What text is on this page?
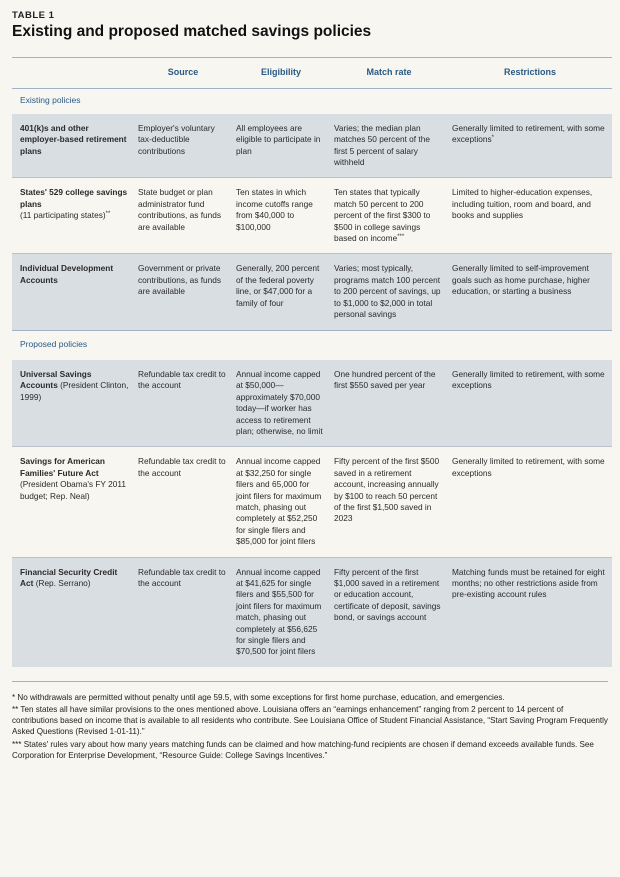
TABLE 1
Existing and proposed matched savings policies
	Source	Eligibility	Match rate	Restrictions
Existing policies				
401(k)s and other employer-based retirement plans	Employer's voluntary tax-deductible contributions	All employees are eligible to participate in plan	Varies; the median plan matches 50 percent of the first 5 percent of salary withheld	Generally limited to retirement, with some exceptions*
States' 529 college savings plans
(11 participating states)**	State budget or plan administrator fund contributions, as funds are available	Ten states in which income cutoffs range from $40,000 to $100,000	Ten states that typically match 50 percent to 200 percent of the first $300 to $500 in college savings based on income***	Limited to higher-education expenses, including tuition, room and board, and books and supplies
Individual Development Accounts	Government or private contributions, as funds are available	Generally, 200 percent of the federal poverty line, or $47,000 for a family of four	Varies; most typically, programs match 100 percent to 200 percent of savings, up to $1,000 to $2,000 in total personal savings	Generally limited to self-improvement goals such as home purchase, higher education, or starting a business
Proposed policies				
Universal Savings Accounts (President Clinton, 1999)	Refundable tax credit to the account	Annual income capped at $50,000—approximately $70,000 today—if worker has access to retirement plan; otherwise, no limit	One hundred percent of the first $550 saved per year	Generally limited to retirement, with some exceptions
Savings for American Families' Future Act
(President Obama's FY 2011 budget; Rep. Neal)	Refundable tax credit to the account	Annual income capped at $32,250 for single filers and 65,000 for joint filers for maximum match, phasing out completely at $52,250 for single filers and $85,000 for joint filers	Fifty percent of the first $500 saved in a retirement account, increasing annually by $100 to reach 50 percent of the first $1,500 saved in 2023	Generally limited to retirement, with some exceptions
Financial Security Credit Act (Rep. Serrano)	Refundable tax credit to the account	Annual income capped at $41,625 for single filers and $55,500 for joint filers for maximum match, phasing out completely at $56,625 for single filers and $70,500 for joint filers	Fifty percent of the first $1,000 saved in a retirement or education account, certificate of deposit, savings bond, or savings account	Matching funds must be retained for eight months; no other restrictions aside from pre-existing account rules

* No withdrawals are permitted without penalty until age 59.5, with some exceptions for first home purchase, education, and emergencies.

** Ten states all have similar provisions to the ones mentioned above. Louisiana offers an “earnings enhancement” ranging from 2 percent to 14 percent of contributions based on income that is available to all residents who contribute. See Louisiana Office of Student Financial Assistance, “Start Saving Program Frequently Asked Questions (Revised 1-01-11).”

*** States' rules vary about how many years matching funds can be claimed and how matching-fund recipients are chosen if demand exceeds available funds. See Corporation for Enterprise Development, “Resource Guide: College Savings Incentives.”
